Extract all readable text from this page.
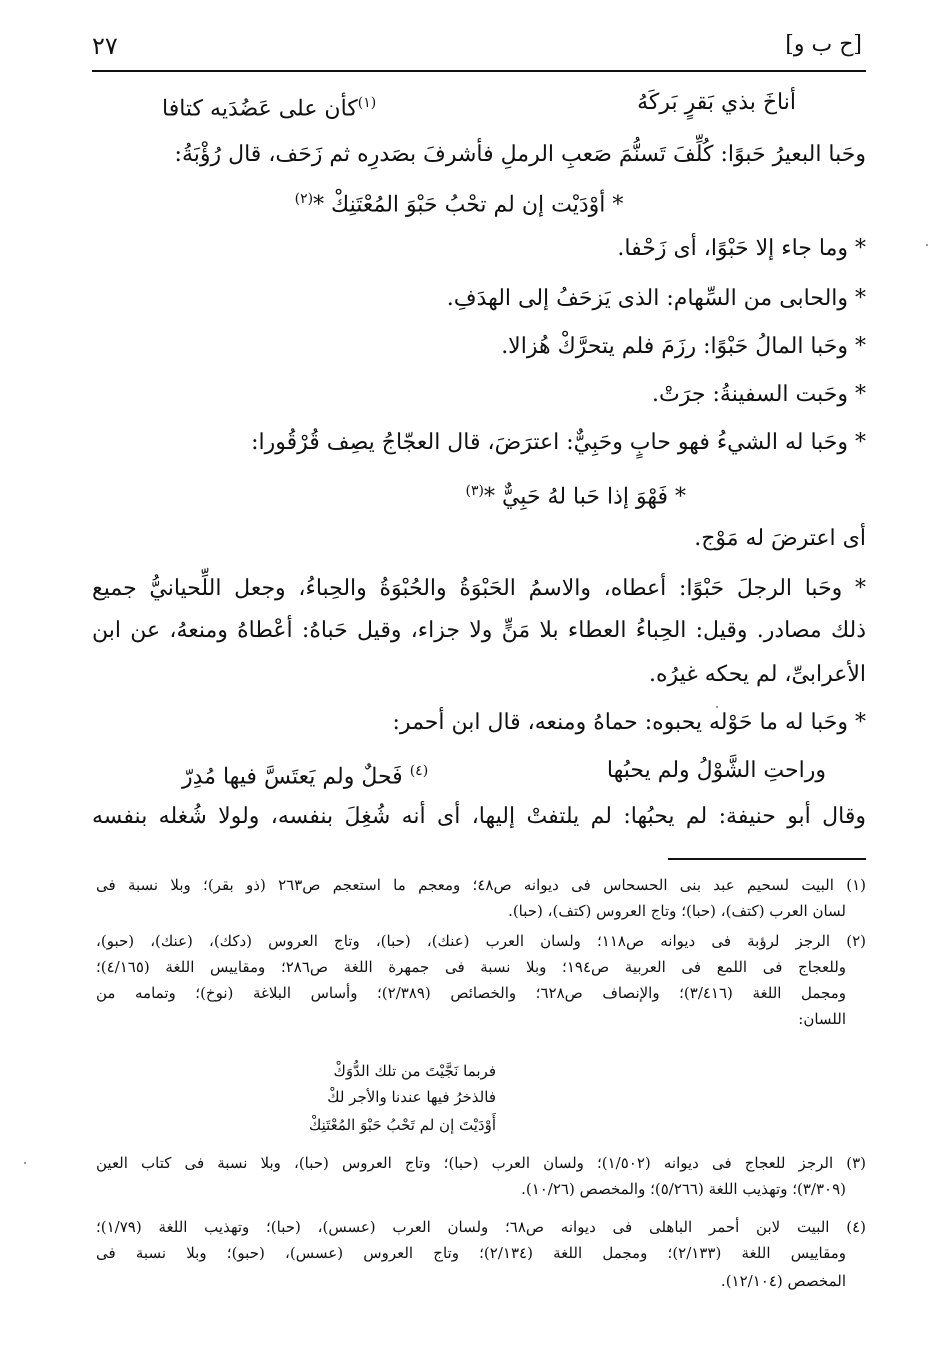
٢٧	[ح ب و]
أناخَ بذي بَقرٍ بَركَهُ
$^{(١)}$كأن على عَضُدَيه كتافا
وحَبا البعيرُ حَبوًا: كُلِّفَ تَسنُّمَ صَعبِ الرملِ فأشرفَ بصَدرِه ثم زَحَف، قال رُؤْبَةُ:
* أوْدَيْت إن لم تحْبُ حَبْوَ المُعْتَنِكْ *$^{(٢)}$
* وما جاء إلا حَبْوًا، أى زَحْفا.
* والحابى من السِّهام: الذى يَزحَفُ إلى الهدَفِ.
* وحَبا المالُ حَبْوًا: رزَمَ فلم يتحرَّكْ هُزالا.
* وحَبت السفينةُ: جرَتْ.
* وحَبا له الشيءُ فهو حابٍ وحَبِيٌّ: اعترَضَ، قال العجّاجُ يصِف قُرْقُورا:
* فَهْوَ إذا حَبا لهُ حَبِيٌّ *$^{(٣)}$
أى اعترضَ له مَوْج.
* وحَبا الرجلَ حَبْوًا: أعطاه، والاسمُ الحَبْوَةُ والحُبْوَةُ والحِباءُ، وجعل اللِّحيانيُّ جميع
ذلك مصادر. وقيل: الحِباءُ العطاء بلا مَنٍّ ولا جزاء، وقيل حَباهُ: أعْطاهُ ومنعهُ، عن ابن
الأعرابىِّ، لم يحكه غيرُه.
* وحَبا له ما حَوْله يحبوه: حماهُ ومنعه، قال ابن أحمر:
وراحتِ الشَّوْلُ ولم يحبُها
$^{(٤)}$ فَحلٌ ولم يَعتَسَّ فيها مُدِرّ
وقال أبو حنيفة: لم يحبُها: لم يلتفتْ إليها، أى أنه شُغِلَ بنفسه، ولولا شُغله بنفسه
(١) البيت لسحيم عبد بنى الحسحاس فى ديوانه ص٤٨؛ ومعجم ما استعجم ص٢٦٣ (ذو بقر)؛ وبلا نسبة فى
لسان العرب (كتف)، (حبا)؛ وتاج العروس (كتف)، (حبا).
(٢) الرجز لرؤبة فى ديوانه ص١١٨؛ ولسان العرب (عنك)، (حبا)، وتاج العروس (دكك)، (عنك)، (حبو)،
وللعجاج فى اللمع فى العربية ص١٩٤؛ وبلا نسبة فى جمهرة اللغة ص٢٨٦؛ ومقاييس اللغة (٤/١٦٥)؛
ومجمل اللغة (٣/٤١٦)؛ والإنصاف ص٦٢٨؛ والخصائص (٢/٣٨٩)؛ وأساس البلاغة (نوخ)؛ وتمامه من
اللسان:
فربما نَجَّيْتَ من تلك الدُّوَكْ
فالذخرُ فيها عندنا والأجر لكْ
أَوْدَيْتَ إن لم تَحْبُ حَبْوَ المُعْتَنِكْ
(٣) الرجز للعجاج فى ديوانه (١/٥٠٢)؛ ولسان العرب (حبا)؛ وتاج العروس (حبا)، وبلا نسبة فى كتاب العين
(٣/٣٠٩)؛ وتهذيب اللغة (٥/٢٦٦)؛ والمخصص (١٠/٢٦).
(٤) البيت لابن أحمر الباهلى فى ديوانه ص٦٨؛ ولسان العرب (عسس)، (حبا)؛ وتهذيب اللغة (١/٧٩)؛
ومقاييس اللغة (٢/١٣٣)؛ ومجمل اللغة (٢/١٣٤)؛ وتاج العروس (عسس)، (حبو)؛ وبلا نسبة فى
المخصص (١٢/١٠٤).
